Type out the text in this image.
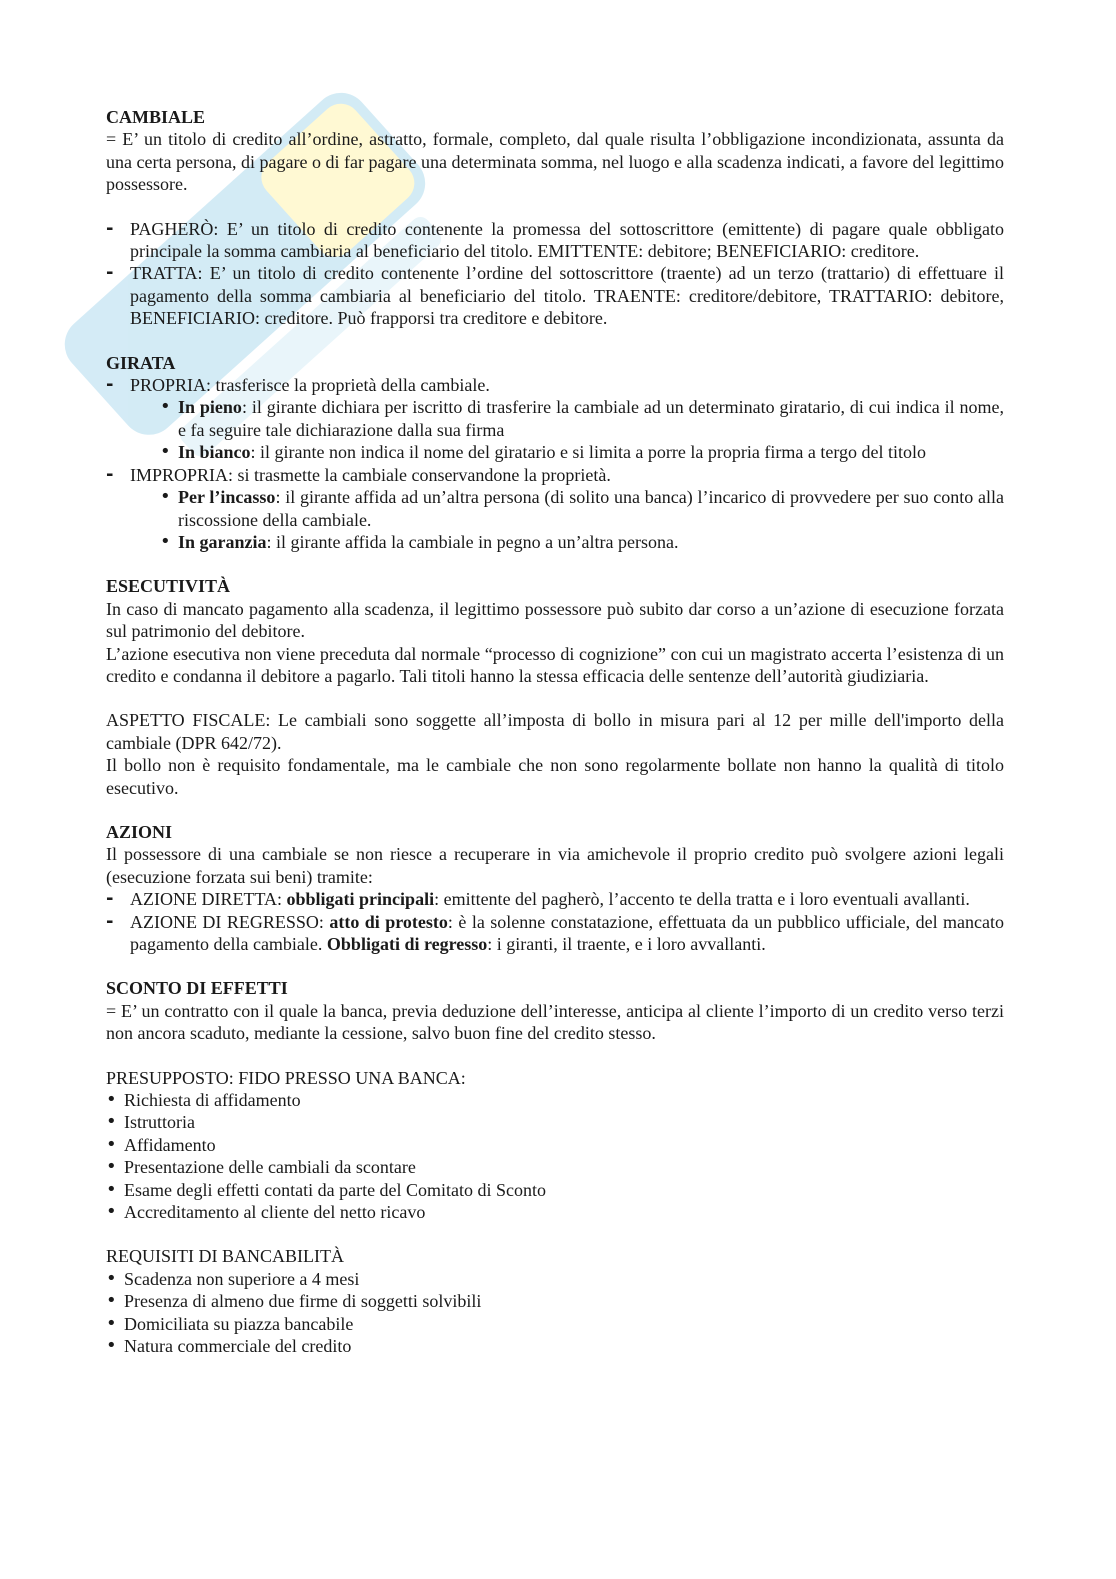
CAMBIALE

= E’ un titolo di credito all’ordine, astratto, formale, completo, dal quale risulta l’obbligazione incondizionata, assunta da una certa persona, di pagare o di far pagare una determinata somma, nel luogo e alla scadenza indicati, a favore del legittimo possessore.

- PAGHERÒ: E’ un titolo di credito contenente la promessa del sottoscrittore (emittente) di pagare quale obbligato principale la somma cambiaria al beneficiario del titolo. EMITTENTE: debitore; BENEFICIARIO: creditore.
- TRATTA: E’ un titolo di credito contenente l’ordine del sottoscrittore (traente) ad un terzo (trattario) di effettuare il pagamento della somma cambiaria al beneficiario del titolo. TRAENTE: creditore/debitore, TRATTARIO: debitore, BENEFICIARIO: creditore. Può frapporsi tra creditore e debitore.

GIRATA

- PROPRIA: trasferisce la proprietà della cambiale.
• In pieno: il girante dichiara per iscritto di trasferire la cambiale ad un determinato giratario, di cui indica il nome, e fa seguire tale dichiarazione dalla sua firma
• In bianco: il girante non indica il nome del giratario e si limita a porre la propria firma a tergo del titolo
- IMPROPRIA: si trasmette la cambiale conservandone la proprietà.
• Per l’incasso: il girante affida ad un’altra persona (di solito una banca) l’incarico di provvedere per suo conto alla riscossione della cambiale.
• In garanzia: il girante affida la cambiale in pegno a un’altra persona.

ESECUTIVITÀ

In caso di mancato pagamento alla scadenza, il legittimo possessore può subito dar corso a un’azione di esecuzione forzata sul patrimonio del debitore.

L’azione esecutiva non viene preceduta dal normale “processo di cognizione” con cui un magistrato accerta l’esistenza di un credito e condanna il debitore a pagarlo. Tali titoli hanno la stessa efficacia delle sentenze dell’autorità giudiziaria.

ASPETTO FISCALE: Le cambiali sono soggette all’imposta di bollo in misura pari al 12 per mille dell'importo della cambiale (DPR 642/72).

Il bollo non è requisito fondamentale, ma le cambiale che non sono regolarmente bollate non hanno la qualità di titolo esecutivo.

AZIONI

Il possessore di una cambiale se non riesce a recuperare in via amichevole il proprio credito può svolgere azioni legali (esecuzione forzata sui beni) tramite:

- AZIONE DIRETTA: obbligati principali: emittente del pagherò, l’accento te della tratta e i loro eventuali avallanti.
- AZIONE DI REGRESSO: atto di protesto: è la solenne constatazione, effettuata da un pubblico ufficiale, del mancato pagamento della cambiale. Obbligati di regresso: i giranti, il traente, e i loro avvallanti.

SCONTO DI EFFETTI

= E’ un contratto con il quale la banca, previa deduzione dell’interesse, anticipa al cliente l’importo di un credito verso terzi non ancora scaduto, mediante la cessione, salvo buon fine del credito stesso.

PRESUPPOSTO: FIDO PRESSO UNA BANCA:

• Richiesta di affidamento
• Istruttoria
• Affidamento
• Presentazione delle cambiali da scontare
• Esame degli effetti contati da parte del Comitato di Sconto
• Accreditamento al cliente del netto ricavo

REQUISITI DI BANCABILITÀ

• Scadenza non superiore a 4 mesi
• Presenza di almeno due firme di soggetti solvibili
• Domiciliata su piazza bancabile
• Natura commerciale del credito
